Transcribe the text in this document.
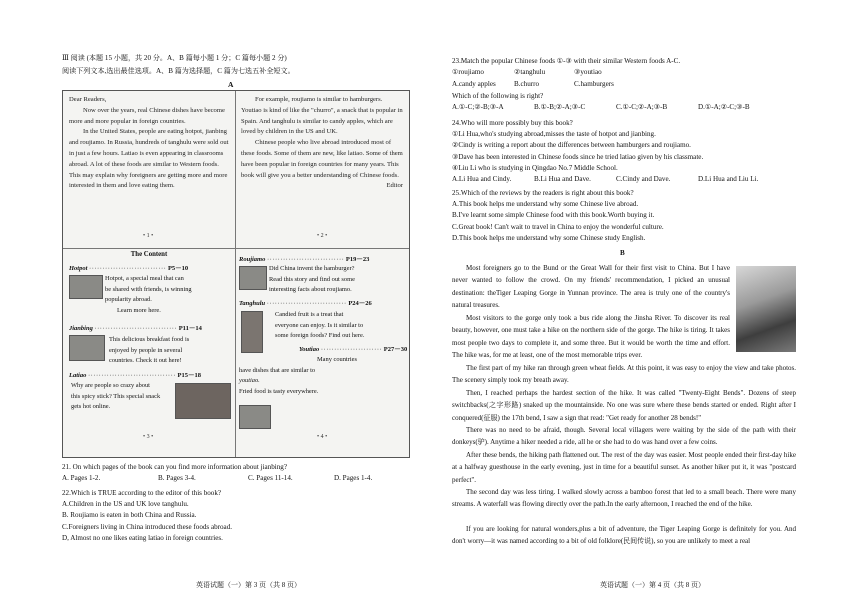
Ⅲ 阅读 (本题 15 小题，共 20 分。A、B 篇每小题 1 分；C 篇每小题 2 分)
阅读下列文本,选出最佳选项。A、B 篇为选择题，C 篇为七选五补全短文。
A

Dear Readers,

Now over the years, real Chinese dishes have become more and more popular in foreign countries.

In the United States, people are eating hotpot, jianbing and roujiamo. In Russia, hundreds of tanghulu were sold out in just a few hours. Latiao is even appearing in classrooms abroad. A lot of these foods are similar to Western foods. This may explain why foreigners are getting more and more interested in them and love eating them.

For example, roujiamo is similar to hamburgers. Youtiao is kind of like the "churro", a snack that is popular in Spain. And tanghulu is similar to candy apples, which are loved by children in the US and UK.

Chinese people who live abroad introduced most of these foods. Some of them are new, like latiao. Some of them have been popular in foreign countries for many years. This book will give you a better understanding of Chinese foods.

Editor

• 1 •	• 2 •
The Content
Hotpot ····························· P5－10
Hotpot, a special meal that can
be shared with friends, is winning
popularity abroad.
Learn more here.
Jianbing ······························· P11－14
This delicious breakfast food is
enjoyed by people in several
countries. Check it out here!
Latiao ································· P15－18
Why are people so crazy about
this spicy stick? This special snack
gets hot online.
• 3 •
Roujiamo ····························· P19－23
Did China invent the hamburger?
Read this story and find out some
interesting facts about roujiamo.
Tanghulu ······························ P24－26
Candied fruit is a treat that
everyone can enjoy. Is it similar to
some foreign foods? Find out here.
Youtiao ······················· P27－30
Many countries
have dishes that are similar to
youtiao.
Fried food is tasty everywhere.
• 4 •
21. On which pages of the book can you find more information about jianbing?
A. Pages 1-2.	B. Pages 3-4.	C. Pages 11-14.	D. Pages 1-4.
22.Which is TRUE according to the editor of this book?
A.Children in the US and UK love tanghulu.
B. Roujiamo is eaten in both China and Russia.
C.Foreigners living in China introduced these foods abroad.
D, Almost no one likes eating latiao in foreign countries.
英语试题（一）第 3 页（共 8 页）
23.Match the popular Chinese foods ①-③ with their similar Western foods A-C.
①roujiamo	②tanghulu	③youtiao
A.candy apples	B.churro	C.hamburgers
Which of the following is right?
A.①-C;②-B;③-A	B.①-B;②-A;③-C	C.①-C;②-A;③-B	D.①-A;②-C;③-B
24.Who will more possibly buy this book?
①Li Hua,who's studying abroad,misses the taste of hotpot and jianbing.
②Cindy is writing a report about the differences between hamburgers and roujiamo.
③Dave has been interested in Chinese foods since he tried latiao given by his classmate.
④Liu Li who is studying in Qingdao No.7 Middle School.
A.Li Hua and Cindy.	B.Li Hua and Dave.	C.Cindy and Dave.	D.Li Hua and Liu Li.
25.Which of the reviews by the readers is right about this book?
A.This book helps me understand why some Chinese live abroad.
B.I've learnt some simple Chinese food with this book.Worth buying it.
C.Great book! Can't wait to travel in China to enjoy the wonderful culture.
D.This book helps me understand why some Chinese study English.
B

Most foreigners go to the Bund or the Great Wall for their first visit to China. But I have never wanted to follow the crowd. On my friends' recommendation, I picked an unusual destination: theTiger Leaping Gorge in Yunnan province. The area is truly one of the country's natural treasures.

Most visitors to the gorge only took a bus ride along the Jinsha River. To discover its real beauty, however, one must take a hike on the northern side of the gorge. The hike is tiring. It takes most people two days to complete it, and some three. But it would be worth the time and effort. The hike was, for me at least, one of the most memorable trips ever.

The first part of my hike ran through green wheat fields. At this point, it was easy to enjoy the view and take photos. The scenery simply took my breath away.

Then, I reached perhaps the hardest section of the hike. It was called "Twenty-Eight Bends". Dozens of steep switchbacks(之字形路) snaked up the mountainside. No one was sure where these bends started or ended. Right after I conquered(征服) the 17th bend, I saw a sign that read: "Get ready for another 28 bends!"

There was no need to be afraid, though. Several local villagers were waiting by the side of the path with their donkeys(驴). Anytime a hiker needed a ride, all he or she had to do was hand over a few coins.

After these bends, the hiking path flattened out. The rest of the day was easier. Most people ended their first-day hike at a halfway guesthouse in the early evening, just in time for a beautiful sunset. As another hiker put it, it was "postcard perfect".

The second day was less tiring. I walked slowly across a bamboo forest that led to a small beach. There were many streams. A waterfall was flowing directly over the path.In the early afternoon, I reached the end of the hike.

If you are looking for natural wonders,plus a bit of adventure, the Tiger Leaping Gorge is definitely for you. And don't worry—it was named according to a bit of old folklore(民间传说), so you are unlikely to meet a real

英语试题（一）第 4 页（共 8 页）
